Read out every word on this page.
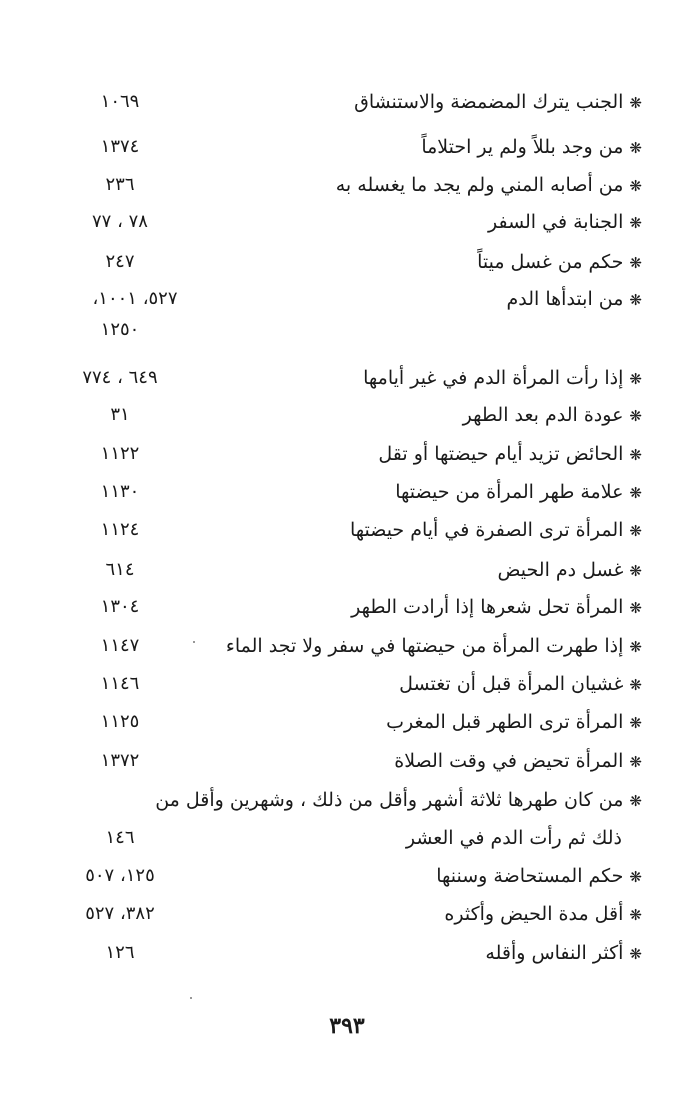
❋الجنب يترك المضمضة والاستنشاق
١٠٦٩
❋من وجد بللاً ولم ير احتلاماً
١٣٧٤
❋من أصابه المني ولم يجد ما يغسله به
٢٣٦
❋الجنابة في السفر
٧٨ ، ٧٧
❋حكم من غسل ميتاً
٢٤٧
❋من ابتدأها الدم
٥٢٧، ١٠٠١،
١٢٥٠
❋إذا رأت المرأة الدم في غير أيامها
٦٤٩ ، ٧٧٤
❋عودة الدم بعد الطهر
٣١
❋الحائض تزيد أيام حيضتها أو تقل
١١٢٢
❋علامة طهر المرأة من حيضتها
١١٣٠
❋المرأة ترى الصفرة في أيام حيضتها
١١٢٤
❋غسل دم الحيض
٦١٤
❋المرأة تحل شعرها إذا أرادت الطهر
١٣٠٤
❋إذا طهرت المرأة من حيضتها في سفر ولا تجد الماء
١١٤٧
❋غشيان المرأة قبل أن تغتسل
١١٤٦
❋المرأة ترى الطهر قبل المغرب
١١٢٥
❋المرأة تحيض في وقت الصلاة
١٣٧٢
❋من كان طهرها ثلاثة أشهر وأقل من ذلك ، وشهرين وأقل من
ذلك ثم رأت الدم في العشر
١٤٦
❋حكم المستحاضة وسننها
١٢٥، ٥٠٧
❋أقل مدة الحيض وأكثره
٣٨٢، ٥٢٧
❋أكثر النفاس وأقله
١٢٦
٣٩٣
